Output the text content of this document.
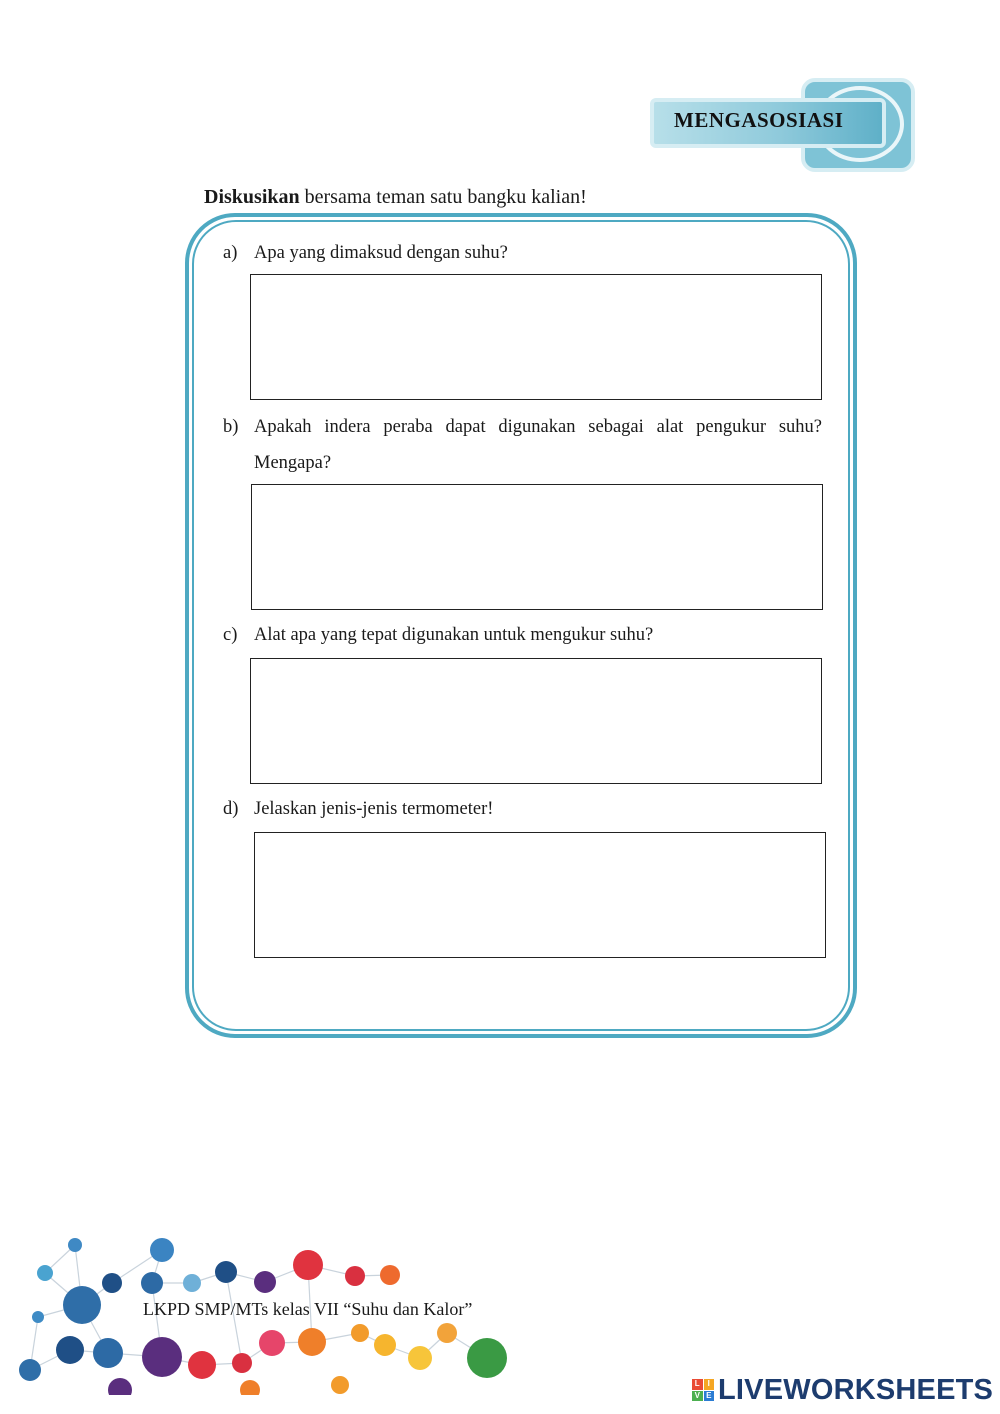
MENGASOSIASI
Diskusikan bersama teman satu bangku kalian!
a) Apa yang dimaksud dengan suhu?
b) Apakah indera peraba dapat digunakan sebagai alat pengukur suhu?
Mengapa?
c) Alat apa yang tepat digunakan untuk mengukur suhu?
d) Jelaskan jenis-jenis termometer!
LKPD SMP/MTs kelas VII “Suhu dan Kalor”
L I
V E LIVEWORKSHEETS
